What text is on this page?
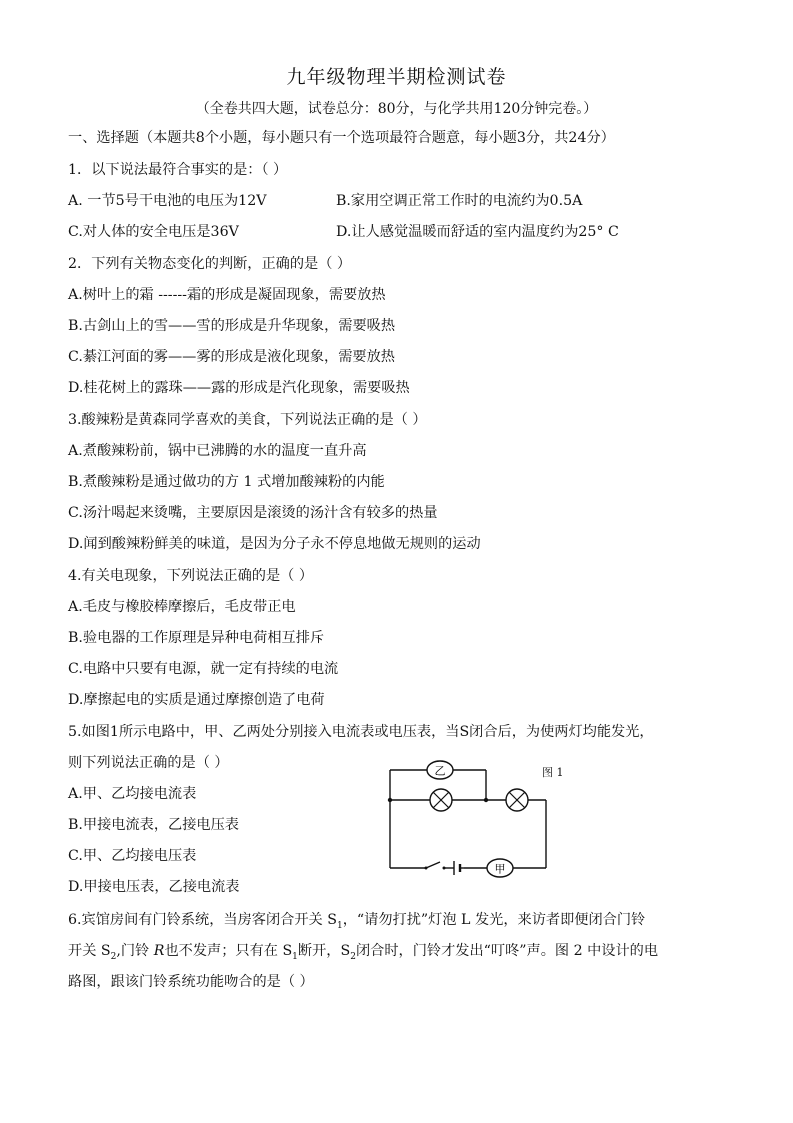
九年级物理半期检测试卷
（全卷共四大题，试卷总分：80分，与化学共用120分钟完卷。）
一、选择题（本题共8个小题，每小题只有一个选项最符合题意，每小题3分，共24分）
1．以下说法最符合事实的是：（ ）
A. 一节5号干电池的电压为12V	B.家用空调正常工作时的电流约为0.5A
C.对人体的安全电压是36V	D.让人感觉温暖而舒适的室内温度约为25° C
2．下列有关物态变化的判断，正确的是（ ）
A.树叶上的霜 ------霜的形成是凝固现象，需要放热
B.古剑山上的雪——雪的形成是升华现象，需要吸热
C.綦江河面的雾——雾的形成是液化现象，需要放热
D.桂花树上的露珠——露的形成是汽化现象，需要吸热
3.酸辣粉是黄森同学喜欢的美食，下列说法正确的是（ ）
A.煮酸辣粉前，锅中已沸腾的水的温度一直升高
B.煮酸辣粉是通过做功的方 1 式增加酸辣粉的内能
C.汤汁喝起来烫嘴，主要原因是滚烫的汤汁含有较多的热量
D.闻到酸辣粉鲜美的味道，是因为分子永不停息地做无规则的运动
4.有关电现象，下列说法正确的是（ ）
A.毛皮与橡胶棒摩擦后，毛皮带正电
B.验电器的工作原理是异种电荷相互排斥
C.电路中只要有电源，就一定有持续的电流
D.摩擦起电的实质是通过摩擦创造了电荷
5.如图1所示电路中，甲、乙两处分别接入电流表或电压表，当S闭合后，为使两灯均能发光，
则下列说法正确的是（ ）
A.甲、乙均接电流表
B.甲接电流表，乙接电压表
C.甲、乙均接电压表
D.甲接电压表，乙接电流表
乙
甲
图 1
6.宾馆房间有门铃系统，当房客闭合开关 $S_1$，“请勿打扰”灯泡 L 发光，来访者即便闭合门铃
开关 $S_2$,门铃 R也不发声；只有在 $S_1$断开，$S_2$闭合时，门铃才发出“叮咚”声。图 2 中设计的电
路图，跟该门铃系统功能吻合的是（ ）
